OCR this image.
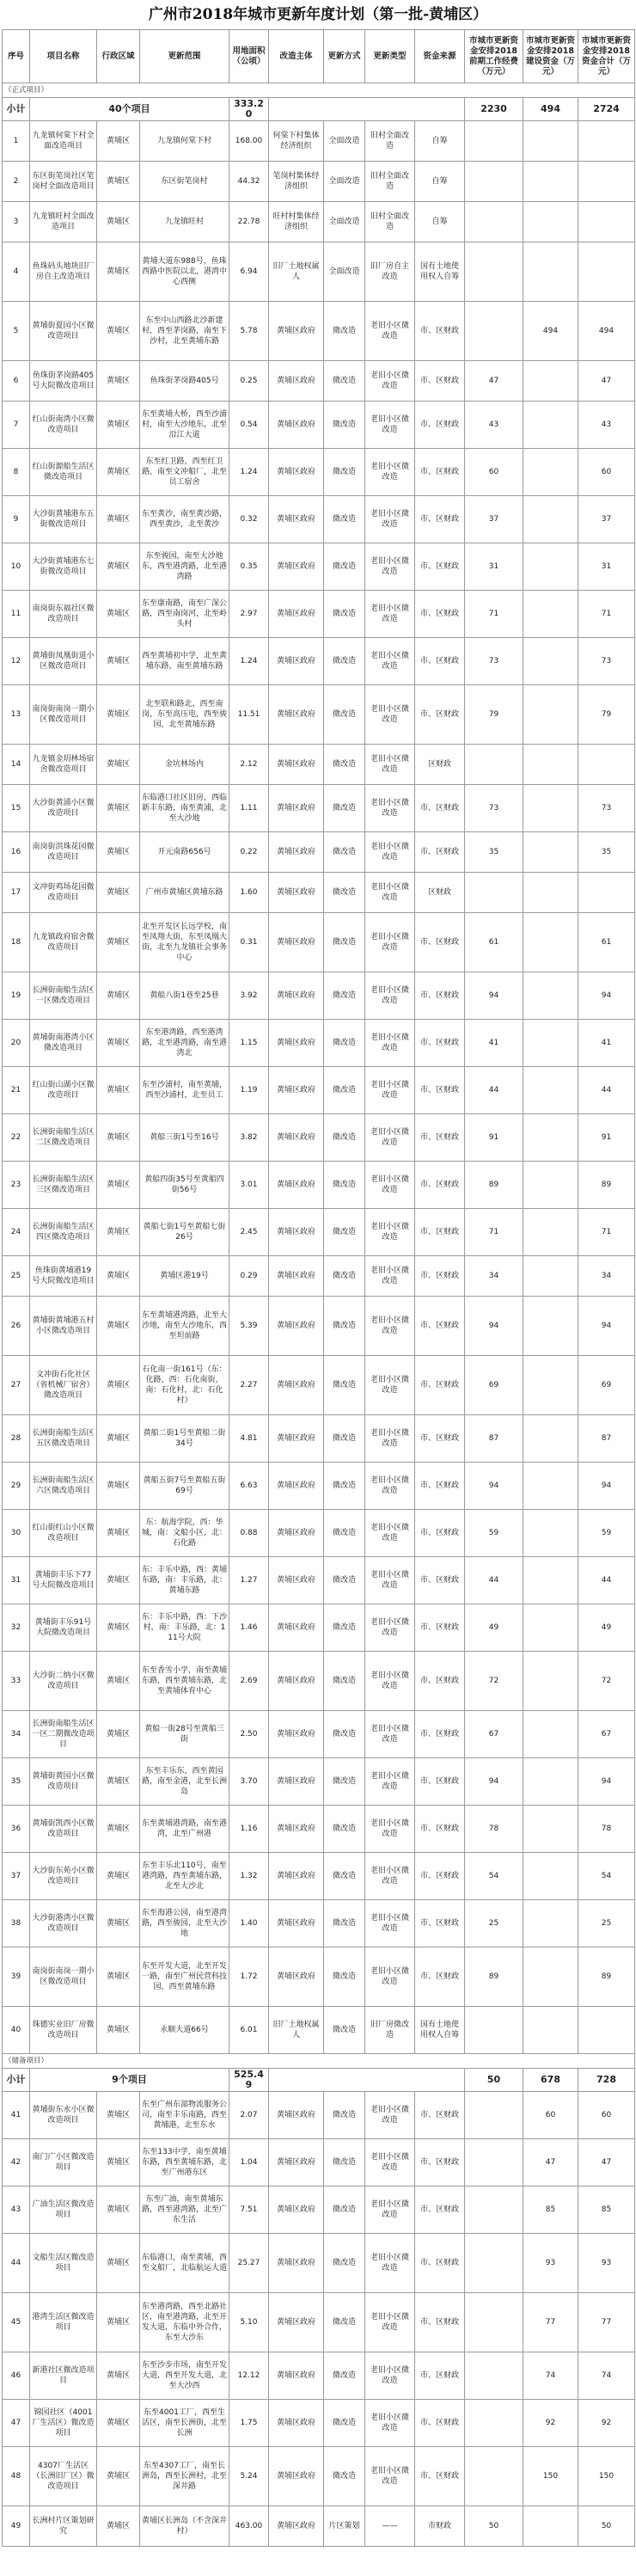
广州市2018年城市更新年度计划（第一批-黄埔区）
序号	项目名称	行政区域	更新范围	用地面积（公顷）	改造主体	更新方式	更新类型	资金来源	市城市更新资金安排2018前期工作经费（万元）	市城市更新资金安排2018建设资金（万元）	市城市更新资金安排2018资金合计（万元）
（正式项目）											
小计	40个项目			333.20					2230	494	2724
1	九龙镇何棠下村全面改造项目	黄埔区	九龙镇何棠下村	168.00	何棠下村集体经济组织	全面改造	旧村全面改造	自筹			
2	东区街笔岗社区笔岗村全面改造项目	黄埔区	东区街笔岗村	44.32	笔岗村集体经济组织	全面改造	旧村全面改造	自筹			
3	九龙镇旺村全面改造项目	黄埔区	九龙镇旺村	22.78	旺村村集体经济组织	全面改造	旧村全面改造	自筹			
4	鱼珠码头地块旧厂房自主改造项目	黄埔区	黄埔大道东988号，鱼珠西路中医院以北，港湾中心西侧	6.94	旧厂土地权属人	全面改造	旧厂房自主改造	国有土地使用权人自筹			
5	黄埔街夏园小区微改造项目	黄埔区	东至中山西路北沙新建村，西至茅岗路，南至下沙村，北至黄埔东路	5.78	黄埔区政府	微改造	老旧小区微改造	市、区财政		494	494
6	鱼珠街茅岗路405号大院微改造项目	黄埔区	鱼珠街茅岗路405号	0.25	黄埔区政府	微改造	老旧小区微改造	市、区财政	47		47
7	红山街南湾小区微改造项目	黄埔区	东至黄埔大桥，西至沙浦村，南至大沙地东，北至沿江大道	0.54	黄埔区政府	微改造	老旧小区微改造	市、区财政	43		43
8	红山街源船生活区微改造项目	黄埔区	东至红卫路，西至红卫路，南至文冲船厂，北至员工宿舍	1.24	黄埔区政府	微改造	老旧小区微改造	市、区财政	60		60
9	大沙街黄埔港东五街微改造项目	黄埔区	东至黄沙，南至黄沙路，西至黄沙，北至黄沙	0.32	黄埔区政府	微改造	老旧小区微改造	市、区财政	37		37
10	大沙街黄埔港东七街微改造项目	黄埔区	东至骏园，南至大沙地东，西至港湾路，北至港湾路	0.35	黄埔区政府	微改造	老旧小区微改造	市、区财政	31		31
11	南岗街东福社区微改造项目	黄埔区	东至康南路，南至广深公路，西至南岗河，北至岭头村	2.97	黄埔区政府	微改造	老旧小区微改造	市、区财政	71		71
12	黄埔街凤凰街道小区微改造项目	黄埔区	西至黄埔初中学，北至黄埔东路，南至黄埔东路	1.24	黄埔区政府	微改造	老旧小区微改造	市、区财政	73		73
13	南岗街南岗一期小区微改造项目	黄埔区	北至联和路北，西至南岗，东至高压电，西至骏园，北至黄埔东路	11.51	黄埔区政府	微改造	老旧小区微改造	市、区财政	79		79
14	九龙镇金玥林场宿舍微改造项目	黄埔区	金坑林场内	2.12	黄埔区政府	微改造	老旧小区微改造	区财政			
15	大沙街黄浦小区微改造项目	黄埔区	东临港口社区旧房，西临新丰东路，南至黄浦，北至大沙地	1.11	黄埔区政府	微改造	老旧小区微改造	市、区财政	73		73
16	南岗街洪珠花园微改造项目	黄埔区	开元南路656号	0.22	黄埔区政府	微改造	老旧小区微改造	市、区财政	35		35
17	文冲街鸡场花园微改造项目	黄埔区	广州市黄埔区黄埔东路	1.60	黄埔区政府	微改造	老旧小区微改造	区财政			
18	九龙镇政府宿舍微改造项目	黄埔区	北至开发区长远学校，南至凤翔大街，东至凤凰大街，北至九龙镇社会事务中心	0.31	黄埔区政府	微改造	老旧小区微改造	市、区财政	61		61
19	长洲街南船生活区一区微改造项目	黄埔区	黄船八街1巷至25巷	3.92	黄埔区政府	微改造	老旧小区微改造	市、区财政	94		94
20	黄埔街南港湾小区微改造项目	黄埔区	东至港湾路，西至港湾路，北至港湾路，南至港湾北	1.15	黄埔区政府	微改造	老旧小区微改造	市、区财政	41		41
21	红山街山湖小区微改造项目	黄埔区	东至沙浦村，南至黄埔，西至沙浦村，北至员工	1.19	黄埔区政府	微改造	老旧小区微改造	市、区财政	44		44
22	长洲街南船生活区二区微改造项目	黄埔区	黄船三街1号至16号	3.82	黄埔区政府	微改造	老旧小区微改造	市、区财政	91		91
23	长洲街南船生活区三区微改造项目	黄埔区	黄船四街35号至黄船四街56号	3.01	黄埔区政府	微改造	老旧小区微改造	市、区财政	89		89
24	长洲街南船生活区四区微改造项目	黄埔区	黄船七街1号至黄船七街26号	2.45	黄埔区政府	微改造	老旧小区微改造	市、区财政	71		71
25	鱼珠街黄埔港19号大院微改造项目	黄埔区	黄埔区港19号	0.29	黄埔区政府	微改造	老旧小区微改造	市、区财政	34		34
26	黄埔街黄埔港五村小区微改造项目	黄埔区	东至黄埔港湾路，北至大沙地，南至大沙地东，西至坦前路	5.39	黄埔区政府	微改造	老旧小区微改造	市、区财政	94		94
27	文冲街石化社区（省机械厂宿舍）微改造项目	黄埔区	石化南一街161号（东：化路，西：石化南街，南：石化村，北：石化村）	2.27	黄埔区政府	微改造	老旧小区微改造	市、区财政	69		69
28	长洲街南船生活区五区微改造项目	黄埔区	黄船二街1号至黄船二街34号	4.81	黄埔区政府	微改造	老旧小区微改造	市、区财政	87		87
29	长洲街南船生活区六区微改造项目	黄埔区	黄船五街7号至黄船五街69号	6.63	黄埔区政府	微改造	老旧小区微改造	市、区财政	94		94
30	红山街红山小区微改造项目	黄埔区	东：航海学院，西：华城，南：文船小区，北：石化路	0.88	黄埔区政府	微改造	老旧小区微改造	市、区财政	59		59
31	黄埔街丰乐下77号大院微改造项目	黄埔区	东：丰乐中路，西：黄埔东路，南：丰乐路，北：黄埔东路	1.27	黄埔区政府	微改造	老旧小区微改造	市、区财政	44		44
32	黄埔街丰乐91号大院微改造项目	黄埔区	东：丰乐中路，西：下沙村，南：丰乐路，北：111号大院	1.46	黄埔区政府	微改造	老旧小区微改造	市、区财政	49		49
33	大沙街二纳小区微改造项目	黄埔区	东至香雪小学，南至黄埔东路，西至黄埔东路，北至黄埔体育中心	2.69	黄埔区政府	微改造	老旧小区微改造	市、区财政	72		72
34	长洲街南船生活区一区二期微改造项目	黄埔区	黄船一街28号至黄船三街	2.50	黄埔区政府	微改造	老旧小区微改造	市、区财政	67		67
35	黄埔街黄园小区微改造项目	黄埔区	东至丰乐东，西至黄园路，南至金港，北至长洲岛	3.70	黄埔区政府	微改造	老旧小区微改造	市、区财政	94		94
36	黄埔街凯西小区微改造项目	黄埔区	东至黄埔港湾路，南至港湾，北至广州港	1.16	黄埔区政府	微改造	老旧小区微改造	市、区财政	78		78
37	大沙街东苑小区微改造项目	黄埔区	东至丰乐北110号，南至港湾路，西至黄埔东路，北至大沙北	1.32	黄埔区政府	微改造	老旧小区微改造	市、区财政	54		54
38	大沙街港湾小区微改造项目	黄埔区	东至海港公园，南至港湾路，西至骏园，北至大沙地	1.40	黄埔区政府	微改造	老旧小区微改造	市、区财政	25		25
39	南岗街南岗一期小区微改造项目	黄埔区	东至开发大道，北至开发一路，南至广州民营科技园，西至黄埔东路	1.72	黄埔区政府	微改造	老旧小区微改造	市、区财政	89		89
40	珠德实业旧厂房微改造项目	黄埔区	永顺大道66号	6.01	旧厂土地权属人	微改造	旧厂房微改造	国有土地使用权人自筹			
（储备项目）											
小计	9个项目			525.49					50	678	728
41	黄埔街东水小区微改造项目	黄埔区	东至广州东部物流服务公司，南至丰乐南路，西至黄埔港，北至东水	2.07	黄埔区政府	微改造	老旧小区微改造	市、区财政		60	60
42	南门广小区微改造项目	黄埔区	东至133中学，南至黄埔东路，西至黄埔东路，北至广州港东区	1.04	黄埔区政府	微改造	老旧小区微改造	市、区财政		47	47
43	广油生活区微改造项目	黄埔区	东至广油，南至黄埔东路，西至港湾路，北至广东生活	7.51	黄埔区政府	微改造	老旧小区微改造	市、区财政		85	85
44	文船生活区微改造项目	黄埔区	东临港口，南至黄埔，西至文船厂，北临航运大道	25.27	黄埔区政府	微改造	老旧小区微改造	市、区财政		93	93
45	港湾生活区微改造项目	黄埔区	东至港湾路，西至北路社区，南至港湾路，北至开发大道，东临中外合作，东至大沙东	5.10	黄埔区政府	微改造	老旧小区微改造	市、区财政		77	77
46	新港社区微改造项目	黄埔区	东至沙步市场，南至开发大道，西至开发大道，北至大沙西	12.12	黄埔区政府	微改造	老旧小区微改造	市、区财政		74	74
47	锦园社区（4001厂生活区）微改造项目	黄埔区	东至4001工厂，西至生活区，南至长洲街，北至长洲	1.75	黄埔区政府	微改造	老旧小区微改造	市、区财政		92	92
48	4307厂生活区（长洲旧厂区）微改造项目	黄埔区	东至4307工厂，南至长洲岛，西至长洲村，北至深井路	5.24	黄埔区政府	微改造	老旧小区微改造	市、区财政		150	150
49	长洲村片区策划研究	黄埔区	黄埔区长洲岛（不含深井村）	463.00	黄埔区政府	片区策划	——	市财政	50		50
